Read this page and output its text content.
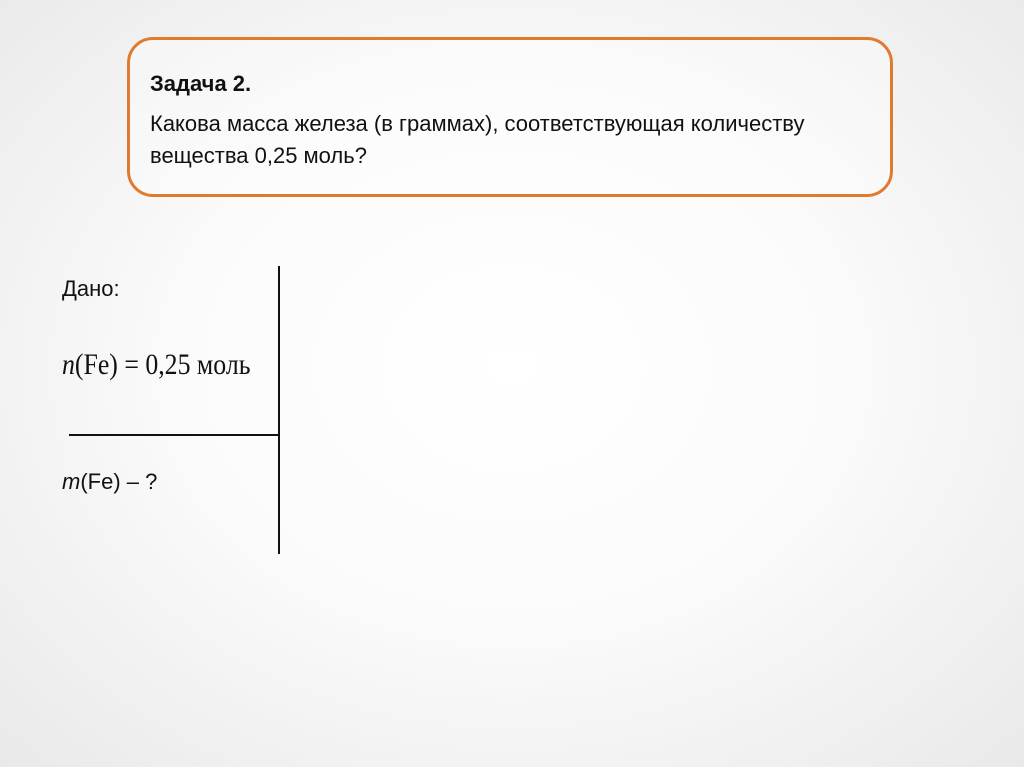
Задача 2.
Какова масса железа (в граммах), соответствующая количеству вещества 0,25 моль?
Дано:
n(Fe) = 0,25 моль
m(Fe) – ?
